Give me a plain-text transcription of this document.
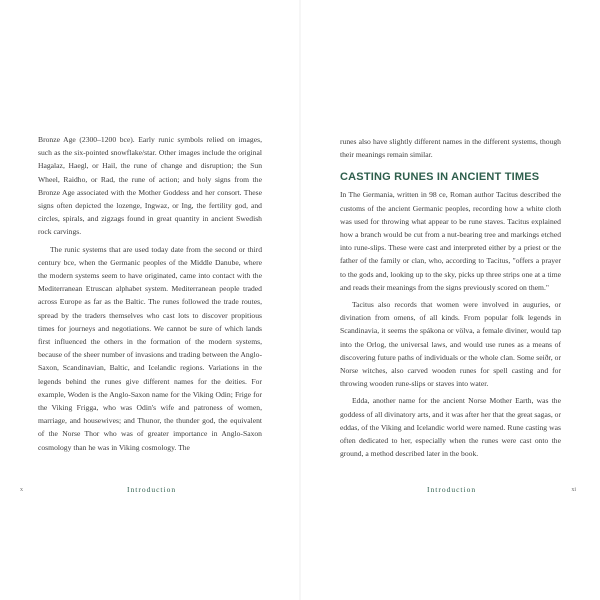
Bronze Age (2300–1200 bce). Early runic symbols relied on images, such as the six-pointed snowflake/star. Other images include the original Hagalaz, Haegl, or Hail, the rune of change and disruption; the Sun Wheel, Raidho, or Rad, the rune of action; and holy signs from the Bronze Age associated with the Mother Goddess and her consort. These signs often depicted the lozenge, Ingwaz, or Ing, the fertility god, and circles, spirals, and zigzags found in great quantity in ancient Swedish rock carvings.

The runic systems that are used today date from the second or third century bce, when the Germanic peoples of the Middle Danube, where the modern systems seem to have originated, came into contact with the Mediterranean Etruscan alphabet system. Mediterranean people traded across Europe as far as the Baltic. The runes followed the trade routes, spread by the traders themselves who cast lots to discover propitious times for journeys and negotiations. We cannot be sure of which lands first influenced the others in the formation of the modern systems, because of the sheer number of invasions and trading between the Anglo-Saxon, Scandinavian, Baltic, and Icelandic regions. Variations in the legends behind the runes give different names for the deities. For example, Woden is the Anglo-Saxon name for the Viking Odin; Frige for the Viking Frigga, who was Odin's wife and patroness of women, marriage, and housewives; and Thunor, the thunder god, the equivalent of the Norse Thor who was of greater importance in Anglo-Saxon cosmology than he was in Viking cosmology. The

x	Introduction

runes also have slightly different names in the different systems, though their meanings remain similar.

CASTING RUNES IN ANCIENT TIMES

In The Germania, written in 98 ce, Roman author Tacitus described the customs of the ancient Germanic peoples, recording how a white cloth was used for throwing what appear to be rune staves. Tacitus explained how a branch would be cut from a nut-bearing tree and markings etched into rune-slips. These were cast and interpreted either by a priest or the father of the family or clan, who, according to Tacitus, "offers a prayer to the gods and, looking up to the sky, picks up three strips one at a time and reads their meanings from the signs previously scored on them."

Tacitus also records that women were involved in auguries, or divination from omens, of all kinds. From popular folk legends in Scandinavia, it seems the spákona or völva, a female diviner, would tap into the Orlog, the universal laws, and would use runes as a means of discovering future paths of individuals or the whole clan. Some seiðr, or Norse witches, also carved wooden runes for spell casting and for throwing wooden rune-slips or staves into water.

Edda, another name for the ancient Norse Mother Earth, was the goddess of all divinatory arts, and it was after her that the great sagas, or eddas, of the Viking and Icelandic world were named. Rune casting was often dedicated to her, especially when the runes were cast onto the ground, a method described later in the book.

Introduction	xi
